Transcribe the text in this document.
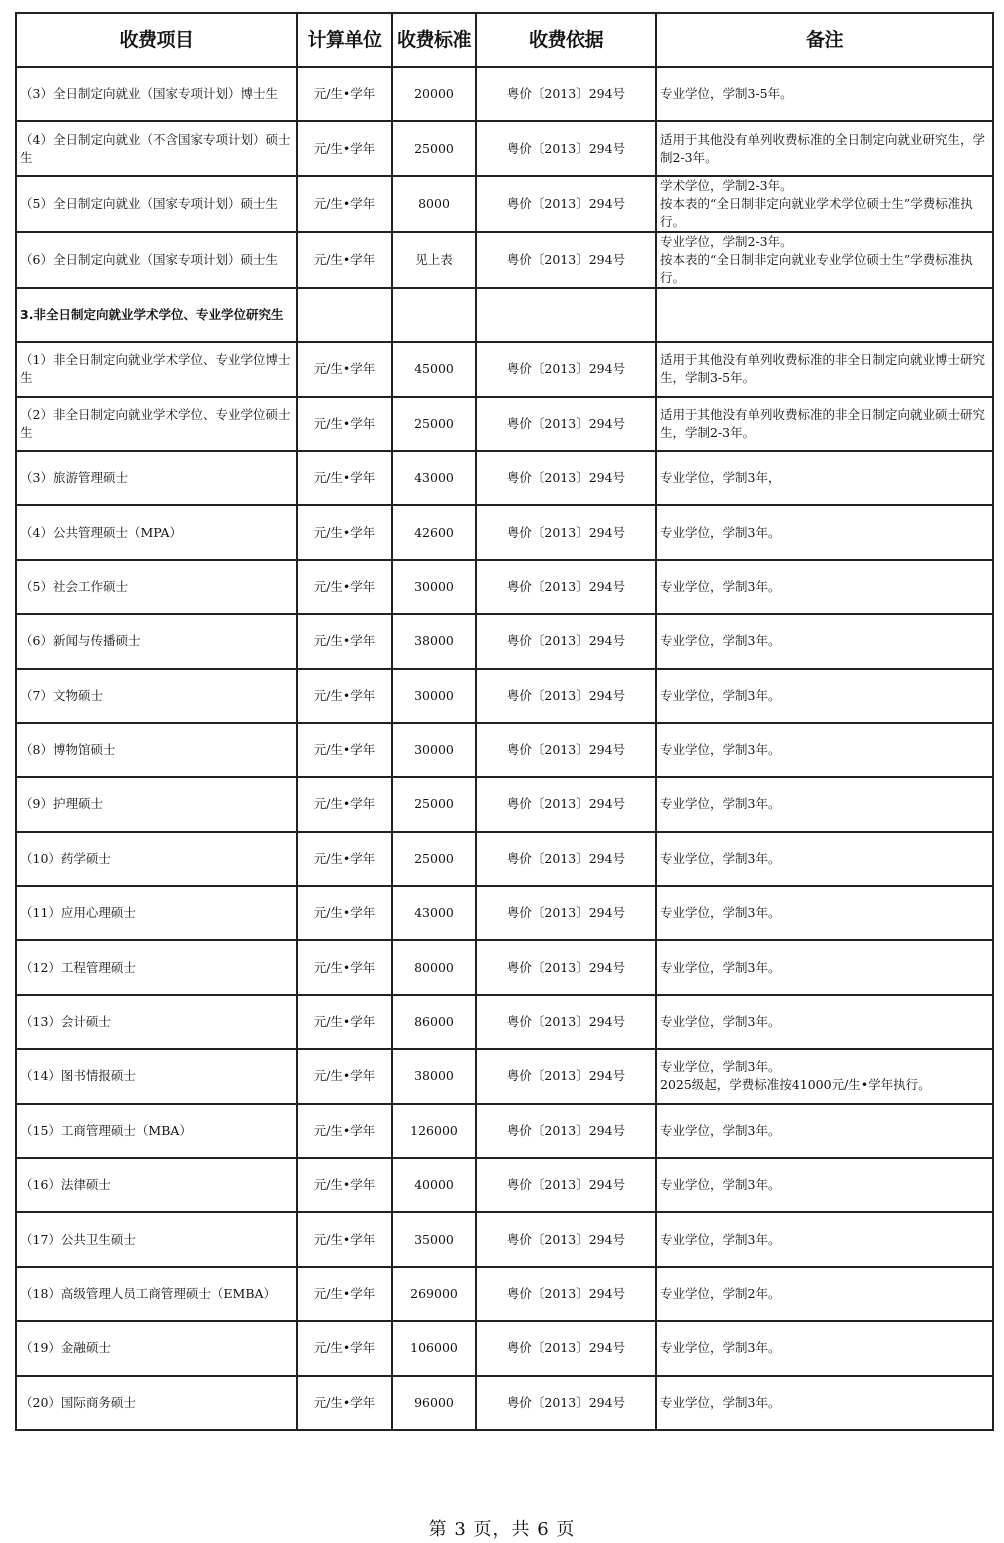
收费项目	计算单位	收费标准	收费依据	备注
（3）全日制定向就业（国家专项计划）博士生	元/生•学年	20000	粤价〔2013〕294号	专业学位，学制3-5年。
（4）全日制定向就业（不含国家专项计划）硕士生	元/生•学年	25000	粤价〔2013〕294号	适用于其他没有单列收费标准的全日制定向就业研究生，学制2-3年。
（5）全日制定向就业（国家专项计划）硕士生	元/生•学年	8000	粤价〔2013〕294号	学术学位，学制2-3年。
按本表的“全日制非定向就业学术学位硕士生”学费标准执行。
（6）全日制定向就业（国家专项计划）硕士生	元/生•学年	见上表	粤价〔2013〕294号	专业学位，学制2-3年。
按本表的“全日制非定向就业专业学位硕士生”学费标准执行。
3.非全日制定向就业学术学位、专业学位研究生				
（1）非全日制定向就业学术学位、专业学位博士生	元/生•学年	45000	粤价〔2013〕294号	适用于其他没有单列收费标准的非全日制定向就业博士研究生，学制3-5年。
（2）非全日制定向就业学术学位、专业学位硕士生	元/生•学年	25000	粤价〔2013〕294号	适用于其他没有单列收费标准的非全日制定向就业硕士研究生，学制2-3年。
（3）旅游管理硕士	元/生•学年	43000	粤价〔2013〕294号	专业学位，学制3年，
（4）公共管理硕士（MPA）	元/生•学年	42600	粤价〔2013〕294号	专业学位，学制3年。
（5）社会工作硕士	元/生•学年	30000	粤价〔2013〕294号	专业学位，学制3年。
（6）新闻与传播硕士	元/生•学年	38000	粤价〔2013〕294号	专业学位，学制3年。
（7）文物硕士	元/生•学年	30000	粤价〔2013〕294号	专业学位，学制3年。
（8）博物馆硕士	元/生•学年	30000	粤价〔2013〕294号	专业学位，学制3年。
（9）护理硕士	元/生•学年	25000	粤价〔2013〕294号	专业学位，学制3年。
（10）药学硕士	元/生•学年	25000	粤价〔2013〕294号	专业学位，学制3年。
（11）应用心理硕士	元/生•学年	43000	粤价〔2013〕294号	专业学位，学制3年。
（12）工程管理硕士	元/生•学年	80000	粤价〔2013〕294号	专业学位，学制3年。
（13）会计硕士	元/生•学年	86000	粤价〔2013〕294号	专业学位，学制3年。
（14）图书情报硕士	元/生•学年	38000	粤价〔2013〕294号	专业学位，学制3年。
2025级起，学费标准按41000元/生•学年执行。
（15）工商管理硕士（MBA）	元/生•学年	126000	粤价〔2013〕294号	专业学位，学制3年。
（16）法律硕士	元/生•学年	40000	粤价〔2013〕294号	专业学位，学制3年。
（17）公共卫生硕士	元/生•学年	35000	粤价〔2013〕294号	专业学位，学制3年。
（18）高级管理人员工商管理硕士（EMBA）	元/生•学年	269000	粤价〔2013〕294号	专业学位，学制2年。
（19）金融硕士	元/生•学年	106000	粤价〔2013〕294号	专业学位，学制3年。
（20）国际商务硕士	元/生•学年	96000	粤价〔2013〕294号	专业学位，学制3年。
第 3 页，共 6 页
